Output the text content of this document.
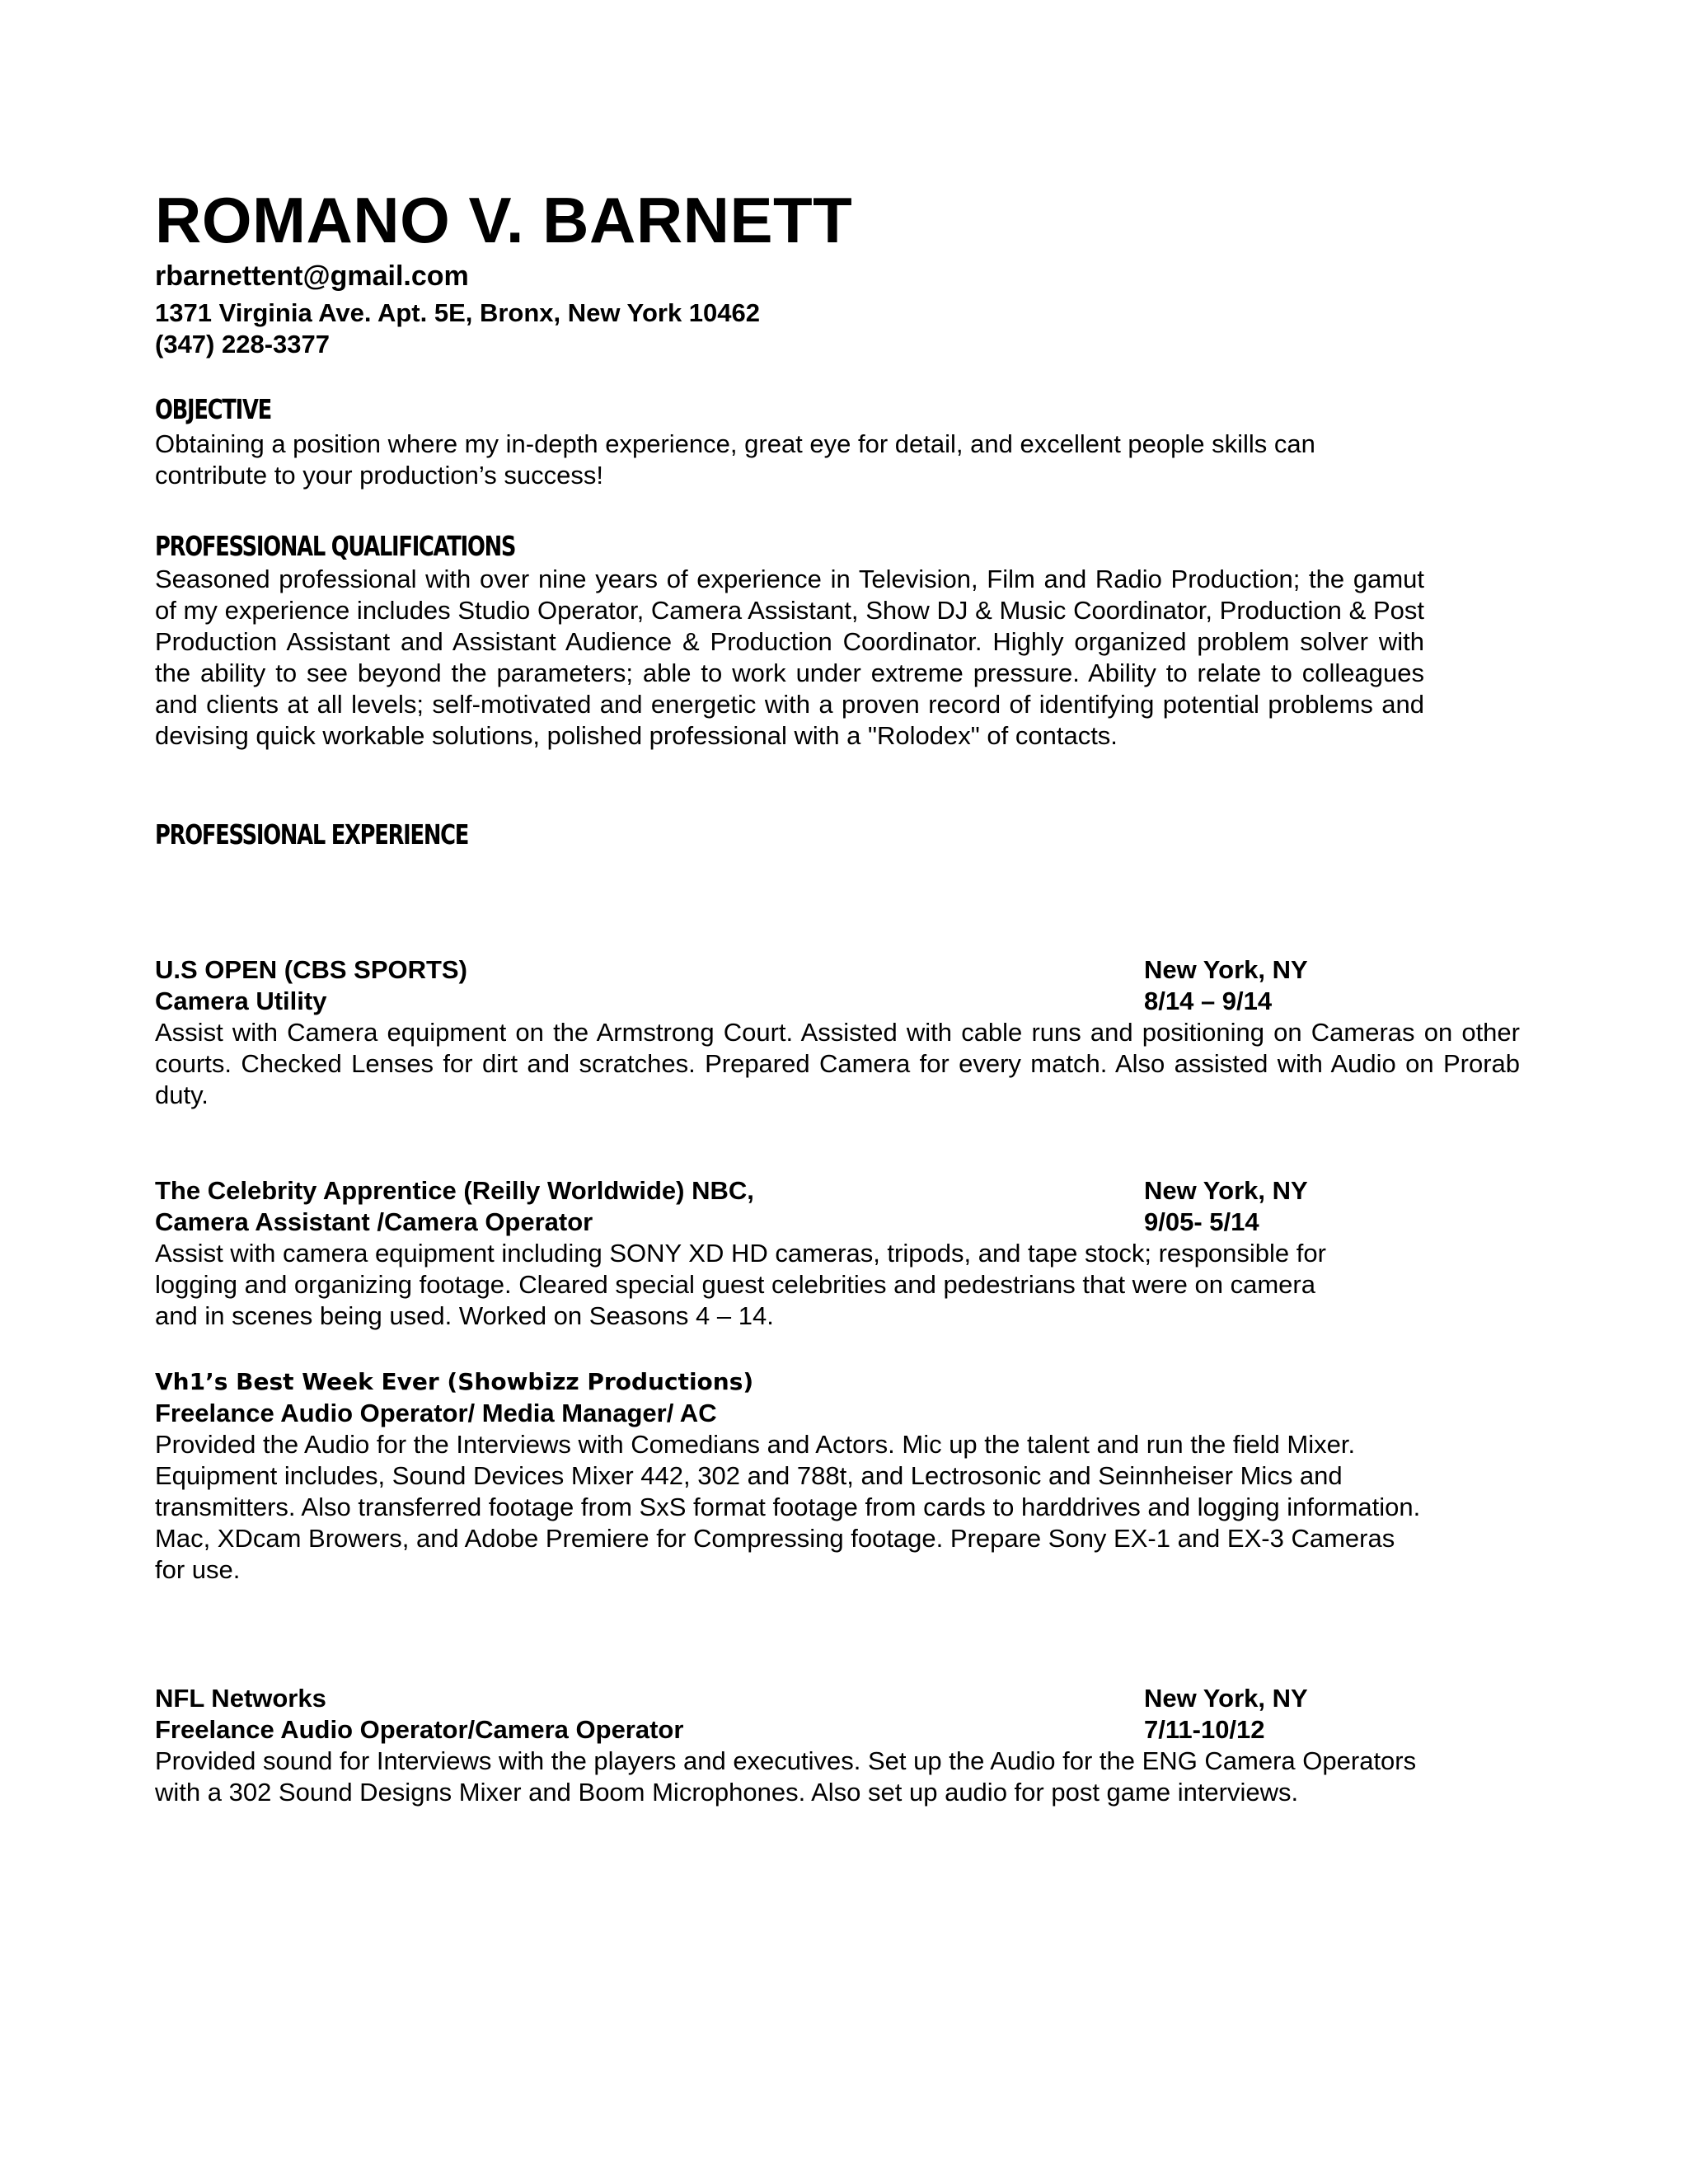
ROMANO V. BARNETT
rbarnettent@gmail.com
1371 Virginia Ave. Apt. 5E, Bronx, New York 10462
(347) 228-3377
OBJECTIVE

Obtaining a position where my in-depth experience, great eye for detail, and excellent people skills can contribute to your production’s success!

PROFESSIONAL QUALIFICATIONS

Seasoned professional with over nine years of experience in Television, Film and Radio Production; the gamut of my experience includes Studio Operator, Camera Assistant, Show DJ & Music Coordinator, Production & Post Production Assistant and Assistant Audience & Production Coordinator. Highly organized problem solver with the ability to see beyond the parameters; able to work under extreme pressure. Ability to relate to colleagues and clients at all levels; self-motivated and energetic with a proven record of identifying potential problems and devising quick workable solutions, polished professional with a "Rolodex" of contacts.

PROFESSIONAL EXPERIENCE
U.S OPEN (CBS SPORTS)	New York, NY
Camera Utility	8/14 – 9/14

Assist with Camera equipment on the Armstrong Court. Assisted with cable runs and positioning on Cameras on other courts. Checked Lenses for dirt and scratches. Prepared Camera for every match. Also assisted with Audio on Prorab duty.

The Celebrity Apprentice (Reilly Worldwide) NBC,	New York, NY
Camera Assistant /Camera Operator	9/05- 5/14
Assist with camera equipment including SONY XD HD cameras, tripods, and tape stock; responsible for
logging and organizing footage. Cleared special guest celebrities and pedestrians that were on camera
and in scenes being used. Worked on Seasons 4 – 14.
Vh1’s Best Week Ever (Showbizz Productions)
Freelance Audio Operator/ Media Manager/ AC
Provided the Audio for the Interviews with Comedians and Actors. Mic up the talent and run the field Mixer.
Equipment includes, Sound Devices Mixer 442, 302 and 788t, and Lectrosonic and Seinnheiser Mics and
transmitters. Also transferred footage from SxS format footage from cards to harddrives and logging information.
Mac, XDcam Browers, and Adobe Premiere for Compressing footage. Prepare Sony EX-1 and EX-3 Cameras
for use.
NFL Networks	New York, NY
Freelance Audio Operator/Camera Operator	7/11-10/12
Provided sound for Interviews with the players and executives. Set up the Audio for the ENG Camera Operators
with a 302 Sound Designs Mixer and Boom Microphones. Also set up audio for post game interviews.
